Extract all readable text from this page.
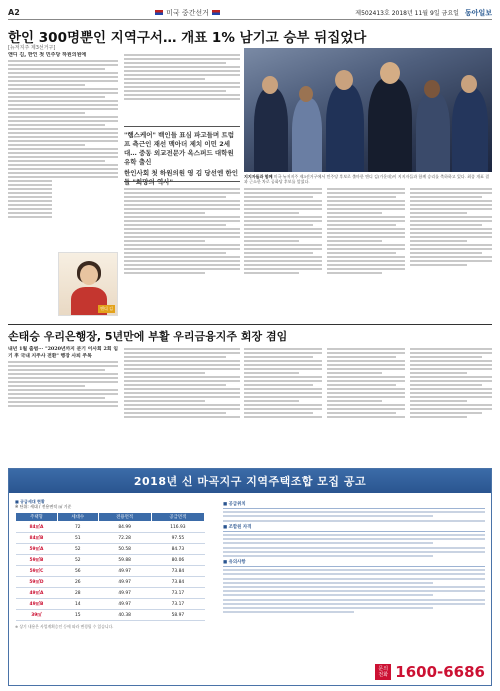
A2	미국 중간선거	제502413호 2018년 11월 9일 금요일 동아일보
한인 300명뿐인 지역구서… 개표 1% 남기고 승부 뒤집었다
[뉴저지주 제3선거구]
앤디 김, 한인 첫 민주당 하원의원에
앤디 김
"햄스케어" 백인들 표심 파고들며 트럼프 측근인 재선 맥아더 제치 이민 2세대… 중동 외교전문가 옥스퍼드 대학원 유학 출신
한인사회 첫 하원의원 영 김 당선엔 한인들 "희망의 역사"
지지자들과 함께 미국 뉴저지주 제3선거구에서 민주당 후보로 출마한 앤디 김(가운데)이 지지자들과 함께 승리를 축하하고 있다. 최종 개표 결과 근소한 차로 공화당 후보를 앞섰다.
손태승 우리은행장, 5년만에 부활 우리금융지주 회장 겸임
내년 1월 출범··· "2020년까지 분기 이사회 2회 임기 후 국내 지주사 전환" 행장 사퇴 주목
2018년 신 마곡지구 지역주택조합 모집 공고
■ 공급세대 현황
※ 단위: 세대 / 전용면적 ㎡ 기준
주택형	세대수	전용면적	공급면적
84㎡A	72	84.99	116.93
84㎡B	51	72.28	97.55
59㎡A	52	50.58	84.73
59㎡B	52	59.88	80.06
59㎡C	56	49.97	73.84
59㎡D	26	49.97	73.84
49㎡A	28	49.97	73.17
49㎡B	14	49.97	73.17
39㎡	15	40.38	58.97
※ 상기 내용은 사업계획승인 등에 따라 변경될 수 있습니다.
■ 공급위치
■ 조합원 자격
■ 유의사항
문의 전화 1600-6686
